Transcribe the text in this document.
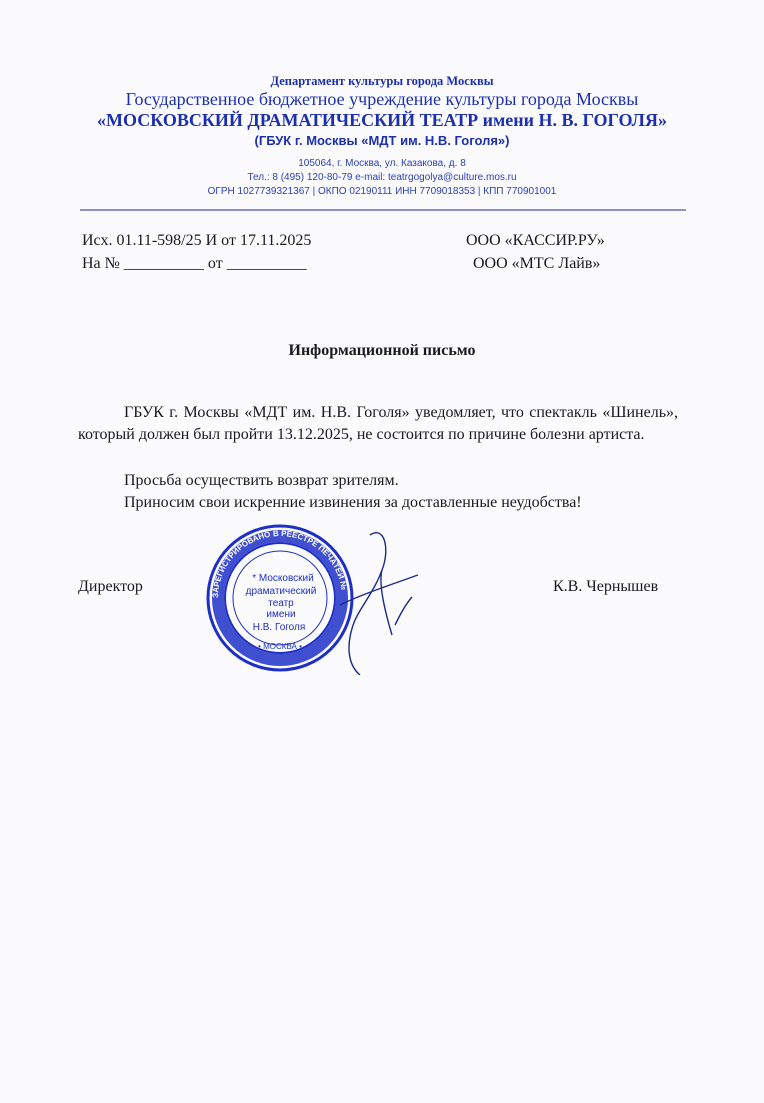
Департамент культуры города Москвы
Государственное бюджетное учреждение культуры города Москвы
«МОСКОВСКИЙ ДРАМАТИЧЕСКИЙ ТЕАТР имени Н. В. ГОГОЛЯ»
(ГБУК г. Москвы «МДТ им. Н.В. Гоголя»)
105064, г. Москва, ул. Казакова, д. 8
Тел.: 8 (495) 120-80-79 e-mail: teatrgogolya@culture.mos.ru
ОГРН 1027739321367 | ОКПО 02190111 ИНН 7709018353 | КПП 770901001
Исх. 01.11-598/25 И от 17.11.2025
На № __________ от __________
ООО «КАССИР.РУ»
ООО «МТС Лайв»
Информационной письмо
ГБУК г. Москвы «МДТ им. Н.В. Гоголя» уведомляет, что спектакль «Шинель», который должен был пройти 13.12.2025, не состоится по причине болезни артиста.
Просьба осуществить возврат зрителям.
Приносим свои искренние извинения за доставленные неудобства!
Директор	К.В. Чернышев
ЗАРЕГИСТРИРОВАНО В РЕЕСТРЕ ПЕЧАТЕЙ №
* Московский
драматический
театр
имени
Н.В. Гоголя
• МОСКВА •
